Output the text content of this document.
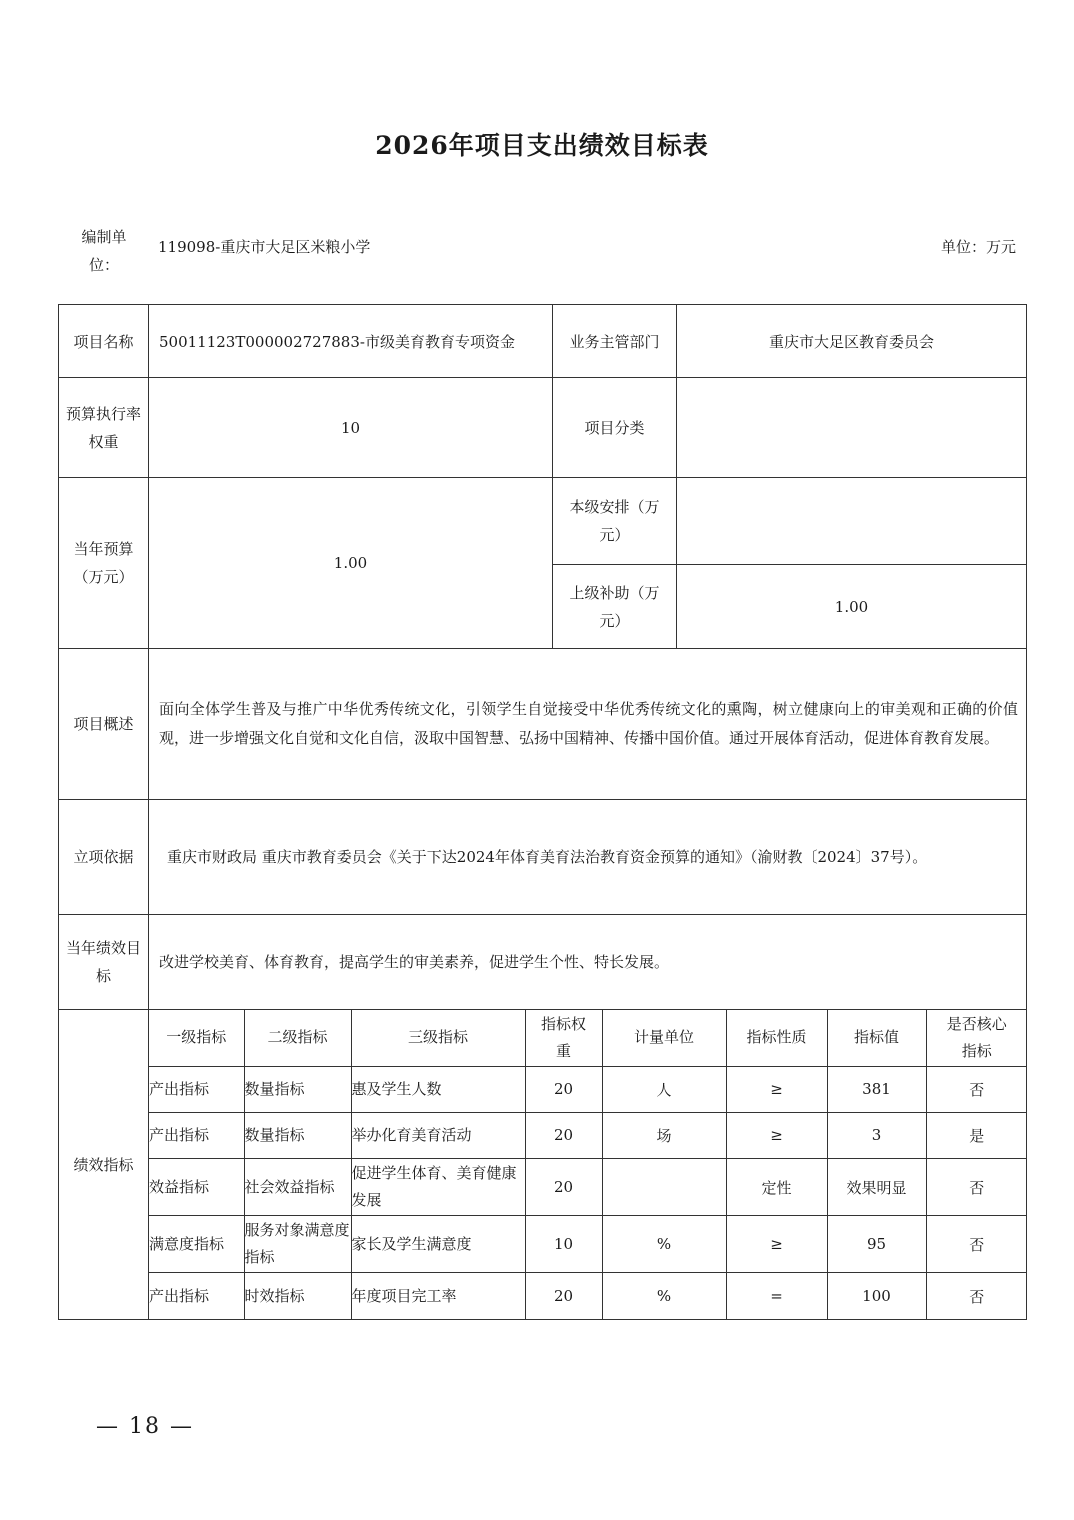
2026年项目支出绩效目标表
编制单位：
119098-重庆市大足区米粮小学	单位：万元
项目名称	50011123T000002727883-市级美育教育专项资金	业务主管部门	重庆市大足区教育委员会
预算执行率权重	10	项目分类	
当年预算（万元）	1.00	本级安排（万元）	
上级补助（万元）	1.00
项目概述	面向全体学生普及与推广中华优秀传统文化，引领学生自觉接受中华优秀传统文化的熏陶，树立健康向上的审美观和正确的价值观，进一步增强文化自觉和文化自信，汲取中国智慧、弘扬中国精神、传播中国价值。通过开展体育活动，促进体育教育发展。
立项依据	重庆市财政局 重庆市教育委员会《关于下达2024年体育美育法治教育资金预算的通知》（渝财教〔2024〕37号）。
当年绩效目标	改进学校美育、体育教育，提高学生的审美素养，促进学生个性、特长发展。
绩效指标	
一级指标	二级指标	三级指标	指标权重	计量单位	指标性质	指标值	是否核心指标
产出指标	数量指标	惠及学生人数	20	人	≥	381	否
产出指标	数量指标	举办化育美育活动	20	场	≥	3	是
效益指标	社会效益指标	促进学生体育、美育健康发展	20		定性	效果明显	否
满意度指标	服务对象满意度指标	家长及学生满意度	10	%	≥	95	否
产出指标	时效指标	年度项目完工率	20	%	=	100	否
— 18 —
